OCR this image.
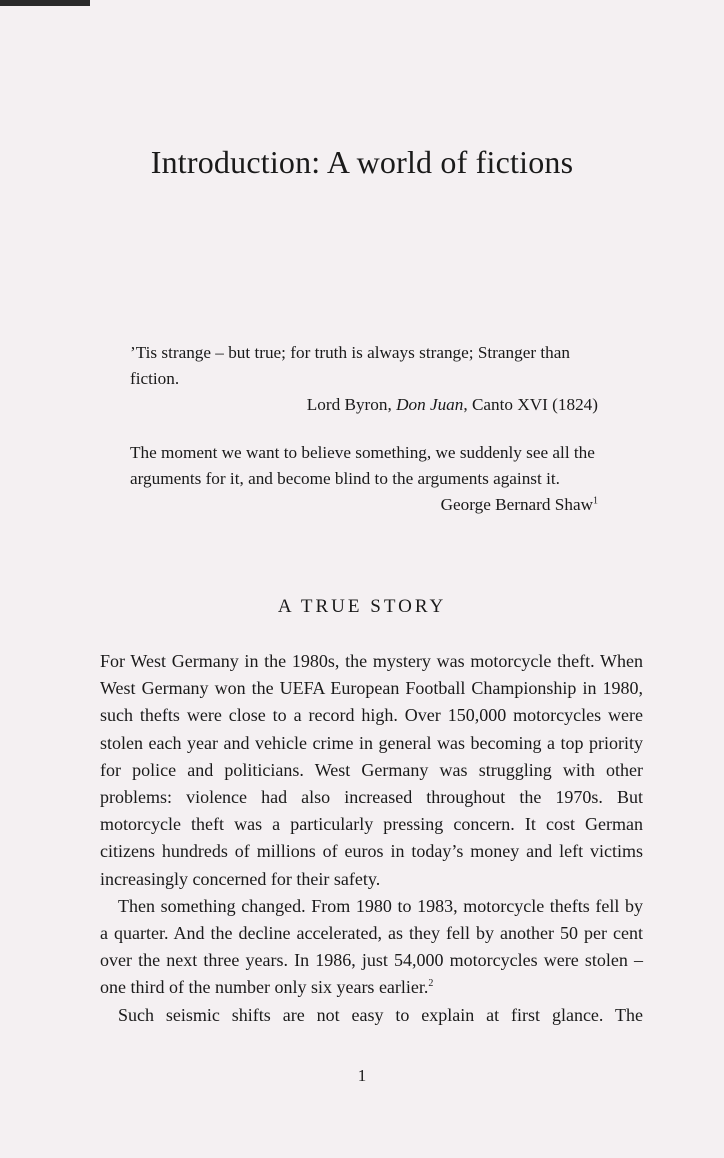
Introduction: A world of fictions
’Tis strange – but true; for truth is always strange; Stranger than fiction.
Lord Byron, Don Juan, Canto XVI (1824)
The moment we want to believe something, we suddenly see all the arguments for it, and become blind to the arguments against it.
George Bernard Shaw$^1$
A TRUE STORY

For West Germany in the 1980s, the mystery was motorcycle theft. When West Germany won the UEFA European Football Championship in 1980, such thefts were close to a record high. Over 150,000 motorcycles were stolen each year and vehicle crime in general was becoming a top priority for police and politicians. West Germany was struggling with other problems: violence had also increased throughout the 1970s. But motorcycle theft was a particularly pressing concern. It cost German citizens hundreds of millions of euros in today’s money and left victims increasingly concerned for their safety.

Then something changed. From 1980 to 1983, motorcycle thefts fell by a quarter. And the decline accelerated, as they fell by another 50 per cent over the next three years. In 1986, just 54,000 motorcycles were stolen – one third of the number only six years earlier.$^2$

Such seismic shifts are not easy to explain at first glance. The

1
